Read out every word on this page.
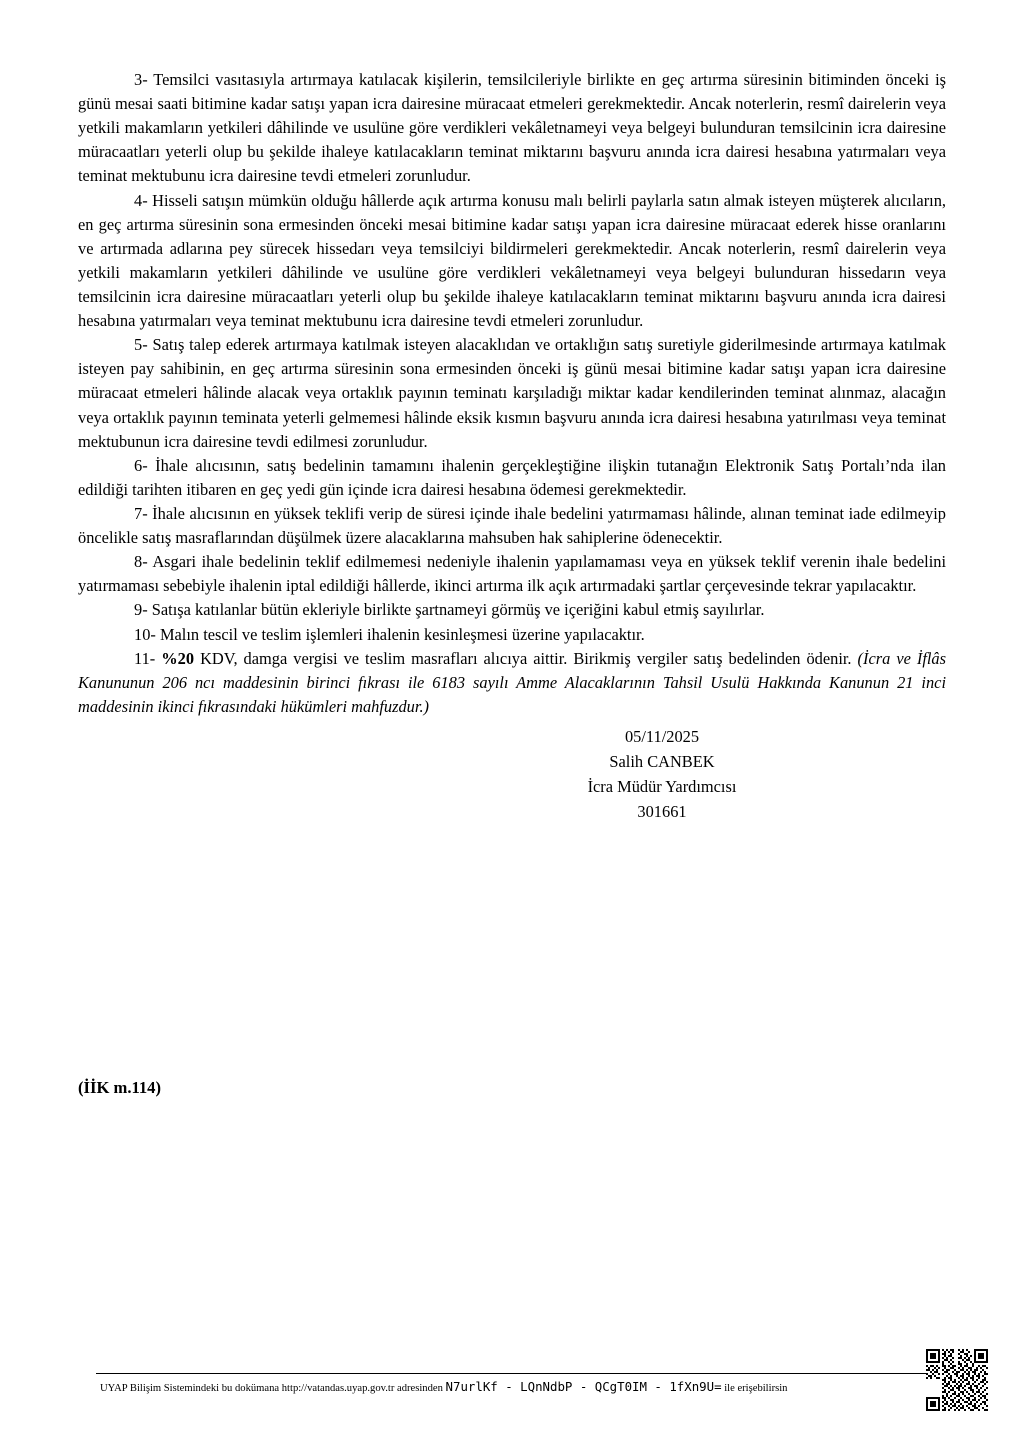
3- Temsilci vasıtasıyla artırmaya katılacak kişilerin, temsilcileriyle birlikte en geç artırma süresinin bitiminden önceki iş günü mesai saati bitimine kadar satışı yapan icra dairesine müracaat etmeleri gerekmektedir. Ancak noterlerin, resmî dairelerin veya yetkili makamların yetkileri dâhilinde ve usulüne göre verdikleri vekâletnameyi veya belgeyi bulunduran temsilcinin icra dairesine müracaatları yeterli olup bu şekilde ihaleye katılacakların teminat miktarını başvuru anında icra dairesi hesabına yatırmaları veya teminat mektubunu icra dairesine tevdi etmeleri zorunludur.

4- Hisseli satışın mümkün olduğu hâllerde açık artırma konusu malı belirli paylarla satın almak isteyen müşterek alıcıların, en geç artırma süresinin sona ermesinden önceki mesai bitimine kadar satışı yapan icra dairesine müracaat ederek hisse oranlarını ve artırmada adlarına pey sürecek hissedarı veya temsilciyi bildirmeleri gerekmektedir. Ancak noterlerin, resmî dairelerin veya yetkili makamların yetkileri dâhilinde ve usulüne göre verdikleri vekâletnameyi veya belgeyi bulunduran hissedarın veya temsilcinin icra dairesine müracaatları yeterli olup bu şekilde ihaleye katılacakların teminat miktarını başvuru anında icra dairesi hesabına yatırmaları veya teminat mektubunu icra dairesine tevdi etmeleri zorunludur.

5- Satış talep ederek artırmaya katılmak isteyen alacaklıdan ve ortaklığın satış suretiyle giderilmesinde artırmaya katılmak isteyen pay sahibinin, en geç artırma süresinin sona ermesinden önceki iş günü mesai bitimine kadar satışı yapan icra dairesine müracaat etmeleri hâlinde alacak veya ortaklık payının teminatı karşıladığı miktar kadar kendilerinden teminat alınmaz, alacağın veya ortaklık payının teminata yeterli gelmemesi hâlinde eksik kısmın başvuru anında icra dairesi hesabına yatırılması veya teminat mektubunun icra dairesine tevdi edilmesi zorunludur.

6- İhale alıcısının, satış bedelinin tamamını ihalenin gerçekleştiğine ilişkin tutanağın Elektronik Satış Portalı’nda ilan edildiği tarihten itibaren en geç yedi gün içinde icra dairesi hesabına ödemesi gerekmektedir.

7- İhale alıcısının en yüksek teklifi verip de süresi içinde ihale bedelini yatırmaması hâlinde, alınan teminat iade edilmeyip öncelikle satış masraflarından düşülmek üzere alacaklarına mahsuben hak sahiplerine ödenecektir.

8- Asgari ihale bedelinin teklif edilmemesi nedeniyle ihalenin yapılamaması veya en yüksek teklif verenin ihale bedelini yatırmaması sebebiyle ihalenin iptal edildiği hâllerde, ikinci artırma ilk açık artırmadaki şartlar çerçevesinde tekrar yapılacaktır.

9- Satışa katılanlar bütün ekleriyle birlikte şartnameyi görmüş ve içeriğini kabul etmiş sayılırlar.

10- Malın tescil ve teslim işlemleri ihalenin kesinleşmesi üzerine yapılacaktır.

11- %20 KDV, damga vergisi ve teslim masrafları alıcıya aittir. Birikmiş vergiler satış bedelinden ödenir. (İcra ve İflâs Kanununun 206 ncı maddesinin birinci fıkrası ile 6183 sayılı Amme Alacaklarının Tahsil Usulü Hakkında Kanunun 21 inci maddesinin ikinci fıkrasındaki hükümleri mahfuzdur.)

05/11/2025
Salih CANBEK
İcra Müdür Yardımcısı
301661
(İİK m.114)
UYAP Bilişim Sistemindeki bu dokümana http://vatandas.uyap.gov.tr adresinden N7urlKf - LQnNdbP - QCgT0IM - 1fXn9U= ile erişebilirsin
